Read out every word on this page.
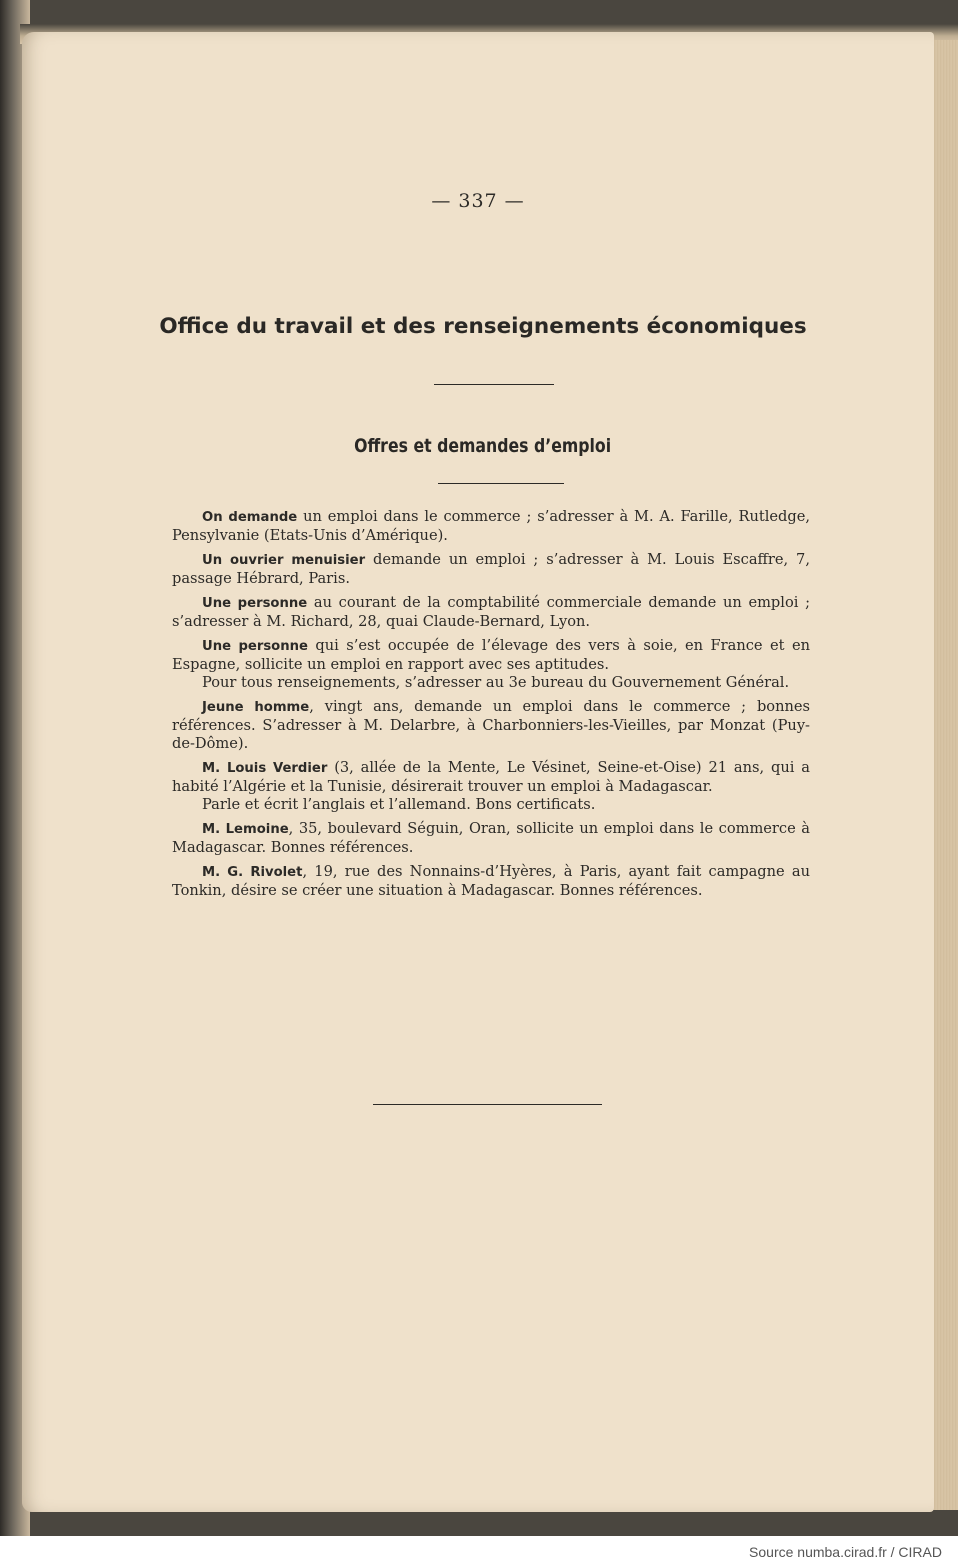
— 337 —
Office du travail et des renseignements économiques
Offres et demandes d’emploi

On demande un emploi dans le commerce ; s’adresser à M. A. Farille, Rutledge, Pensylvanie (Etats-Unis d’Amérique).

Un ouvrier menuisier demande un emploi ; s’adresser à M. Louis Escaffre, 7, passage Hébrard, Paris.

Une personne au courant de la comptabilité commerciale demande un emploi ; s’adresser à M. Richard, 28, quai Claude-Bernard, Lyon.

Une personne qui s’est occupée de l’élevage des vers à soie, en France et en Espagne, sollicite un emploi en rapport avec ses aptitudes.

Pour tous renseignements, s’adresser au 3e bureau du Gouvernement Général.

Jeune homme, vingt ans, demande un emploi dans le commerce ; bonnes références. S’adresser à M. Delarbre, à Charbonniers-les-Vieilles, par Monzat (Puy-de-Dôme).

M. Louis Verdier (3, allée de la Mente, Le Vésinet, Seine-et-Oise) 21 ans, qui a habité l’Algérie et la Tunisie, désirerait trouver un emploi à Madagascar.

Parle et écrit l’anglais et l’allemand. Bons certificats.

M. Lemoine, 35, boulevard Séguin, Oran, sollicite un emploi dans le commerce à Madagascar. Bonnes références.

M. G. Rivolet, 19, rue des Nonnains-d’Hyères, à Paris, ayant fait campagne au Tonkin, désire se créer une situation à Madagascar. Bonnes références.

Source numba.cirad.fr / CIRAD
